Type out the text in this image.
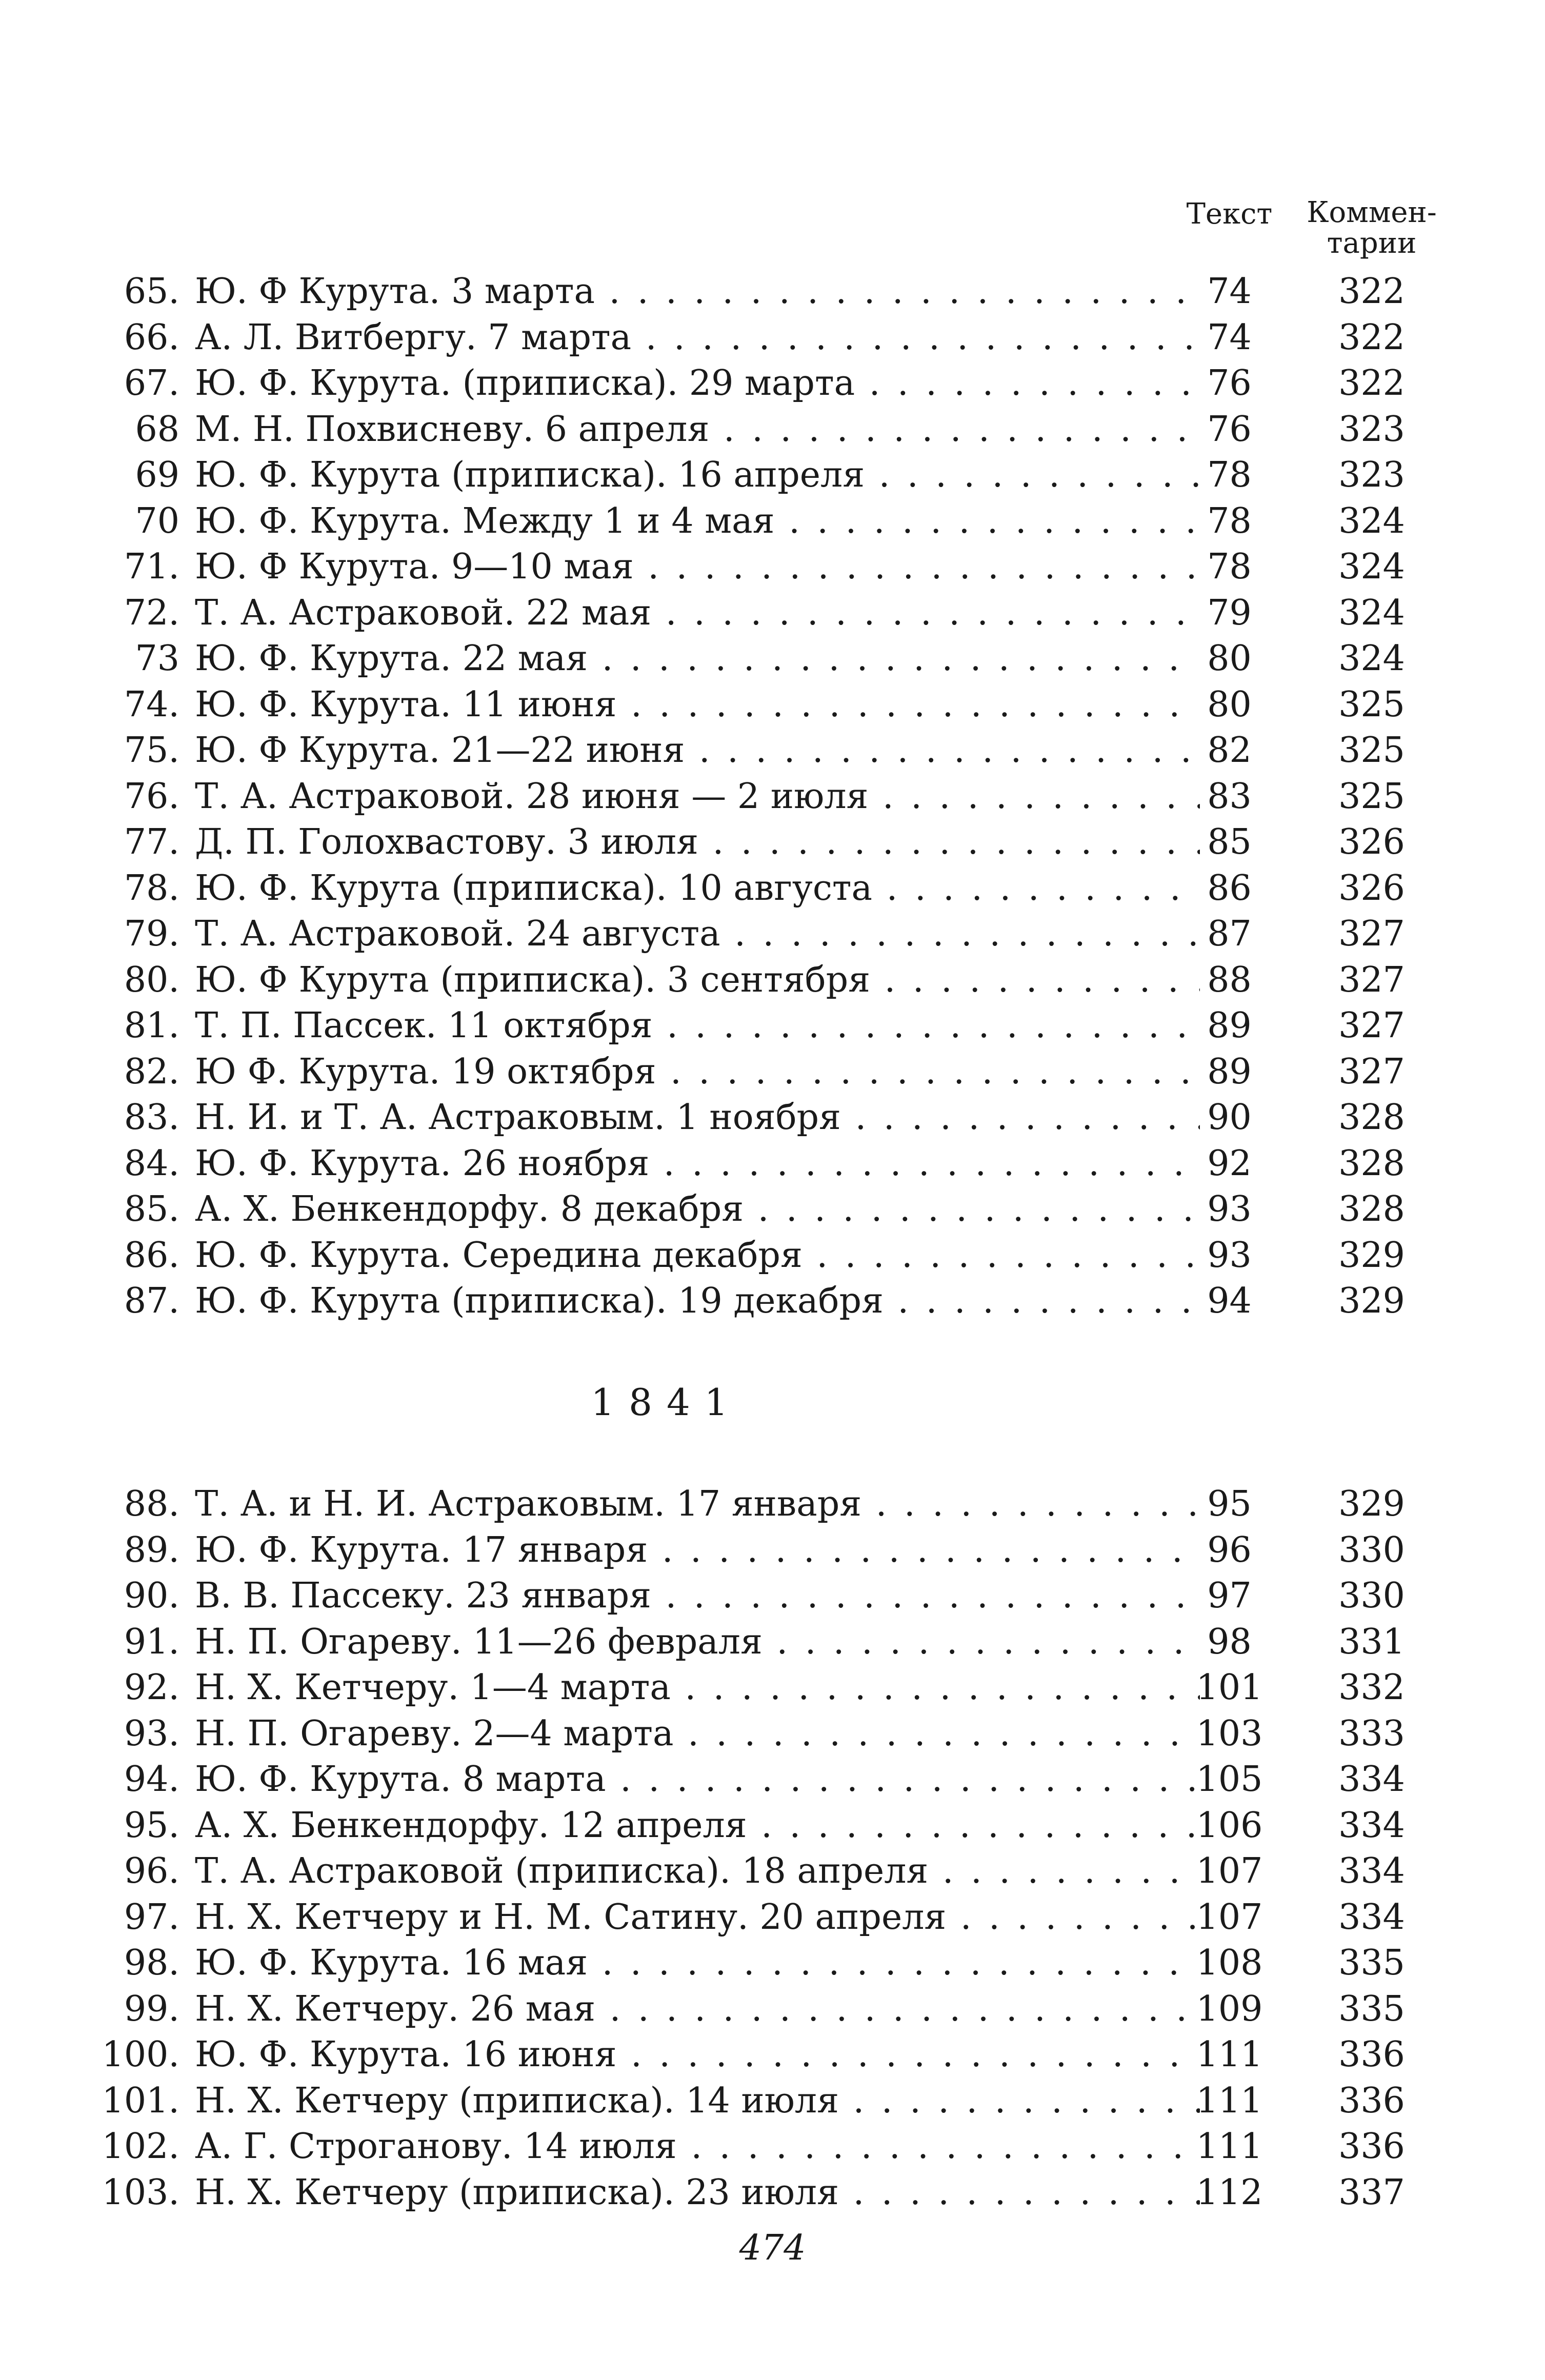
Текст	Коммен-
тарии
65. Ю. Ф Курута. 3 марта . . .	74	322
66. А. Л. Витбергу. 7 марта . . .	74	322
67. Ю. Ф. Курута. (приписка). 29 марта . . .	76	322
68 М. Н. Похвисневу. 6 апреля . . .	76	323
69 Ю. Ф. Курута (приписка). 16 апреля . . .	78	323
70 Ю. Ф. Курута. Между 1 и 4 мая . . .	78	324
71. Ю. Ф Курута. 9—10 мая . . .	78	324
72. Т. А. Астраковой. 22 мая . . .	79	324
73 Ю. Ф. Курута. 22 мая . . .	80	324
74. Ю. Ф. Курута. 11 июня . . .	80	325
75. Ю. Ф Курута. 21—22 июня . . .	82	325
76. Т. А. Астраковой. 28 июня — 2 июля . . .	83	325
77. Д. П. Голохвастову. 3 июля . . .	85	326
78. Ю. Ф. Курута (приписка). 10 августа . . .	86	326
79. Т. А. Астраковой. 24 августа . . .	87	327
80. Ю. Ф Курута (приписка). 3 сентября . . .	88	327
81. Т. П. Пассек. 11 октября . . .	89	327
82. Ю Ф. Курута. 19 октября . . .	89	327
83. Н. И. и Т. А. Астраковым. 1 ноября . . .	90	328
84. Ю. Ф. Курута. 26 ноября . . .	92	328
85. А. Х. Бенкендорфу. 8 декабря . . .	93	328
86. Ю. Ф. Курута. Середина декабря . . .	93	329
87. Ю. Ф. Курута (приписка). 19 декабря . . .	94	329
1841
88. Т. А. и Н. И. Астраковым. 17 января . . .	95	329
89. Ю. Ф. Курута. 17 января . . .	96	330
90. В. В. Пассеку. 23 января . . .	97	330
91. Н. П. Огареву. 11—26 февраля . . .	98	331
92. Н. Х. Кетчеру. 1—4 марта . . .	101	332
93. Н. П. Огареву. 2—4 марта . . .	103	333
94. Ю. Ф. Курута. 8 марта . . .	105	334
95. А. Х. Бенкендорфу. 12 апреля . . .	106	334
96. Т. А. Астраковой (приписка). 18 апреля . . .	107	334
97. Н. Х. Кетчеру и Н. М. Сатину. 20 апреля . . .	107	334
98. Ю. Ф. Курута. 16 мая . . .	108	335
99. Н. Х. Кетчеру. 26 мая . . .	109	335
100. Ю. Ф. Курута. 16 июня . . .	111	336
101. Н. Х. Кетчеру (приписка). 14 июля . . .	111	336
102. А. Г. Строганову. 14 июля . . .	111	336
103. Н. Х. Кетчеру (приписка). 23 июля . . .	112	337
474
